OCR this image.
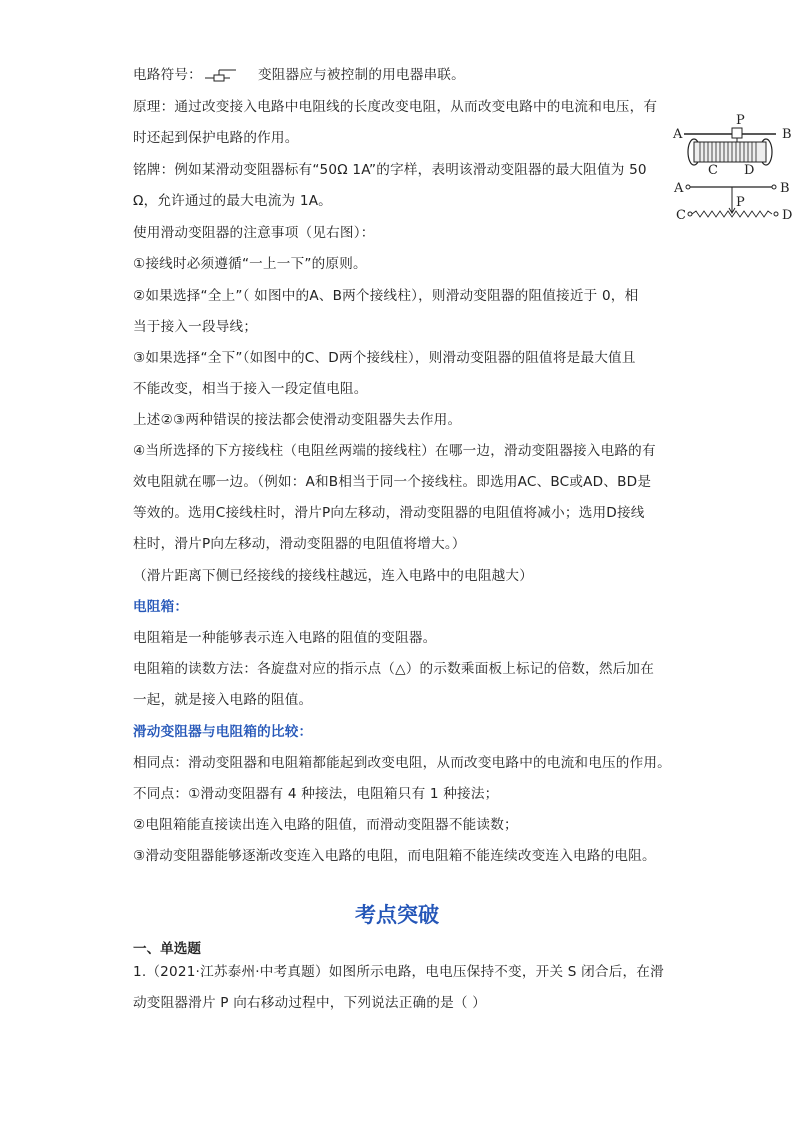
电路符号：	变阻器应与被控制的用电器串联。
原理：通过改变接入电路中电阻线的长度改变电阻，从而改变电路中的电流和电压，有
时还起到保护电路的作用。
铭牌：例如某滑动变阻器标有“50Ω 1A”的字样，表明该滑动变阻器的最大阻值为 50
Ω，允许通过的最大电流为 1A。
使用滑动变阻器的注意事项（见右图）：
①接线时必须遵循“一上一下”的原则。
②如果选择“全上”（ 如图中的A、B两个接线柱），则滑动变阻器的阻值接近于 0，相
当于接入一段导线；
③如果选择“全下”（如图中的C、D两个接线柱），则滑动变阻器的阻值将是最大值且
不能改变，相当于接入一段定值电阻。
上述②③两种错误的接法都会使滑动变阻器失去作用。
④当所选择的下方接线柱（电阻丝两端的接线柱）在哪一边，滑动变阻器接入电路的有
效电阻就在哪一边。（例如：A和B相当于同一个接线柱。即选用AC、BC或AD、BD是
等效的。选用C接线柱时，滑片P向左移动，滑动变阻器的电阻值将减小；选用D接线
柱时，滑片P向左移动，滑动变阻器的电阻值将增大。）
（滑片距离下侧已经接线的接线柱越远，连入电路中的电阻越大）
电阻箱：
电阻箱是一种能够表示连入电路的阻值的变阻器。
电阻箱的读数方法：各旋盘对应的指示点（△）的示数乘面板上标记的倍数，然后加在
一起，就是接入电路的阻值。
滑动变阻器与电阻箱的比较：
相同点：滑动变阻器和电阻箱都能起到改变电阻，从而改变电路中的电流和电压的作用。
不同点：①滑动变阻器有 4 种接法，电阻箱只有 1 种接法；
②电阻箱能直接读出连入电路的阻值，而滑动变阻器不能读数；
③滑动变阻器能够逐渐改变连入电路的电阻，而电阻箱不能连续改变连入电路的电阻。
考点突破
一、单选题
1.（2021·江苏泰州·中考真题）如图所示电路，电电压保持不变，开关 S 闭合后，在滑
动变阻器滑片 P 向右移动过程中，下列说法正确的是（ ）
P
A	B
C D
A	B
P
C	D
